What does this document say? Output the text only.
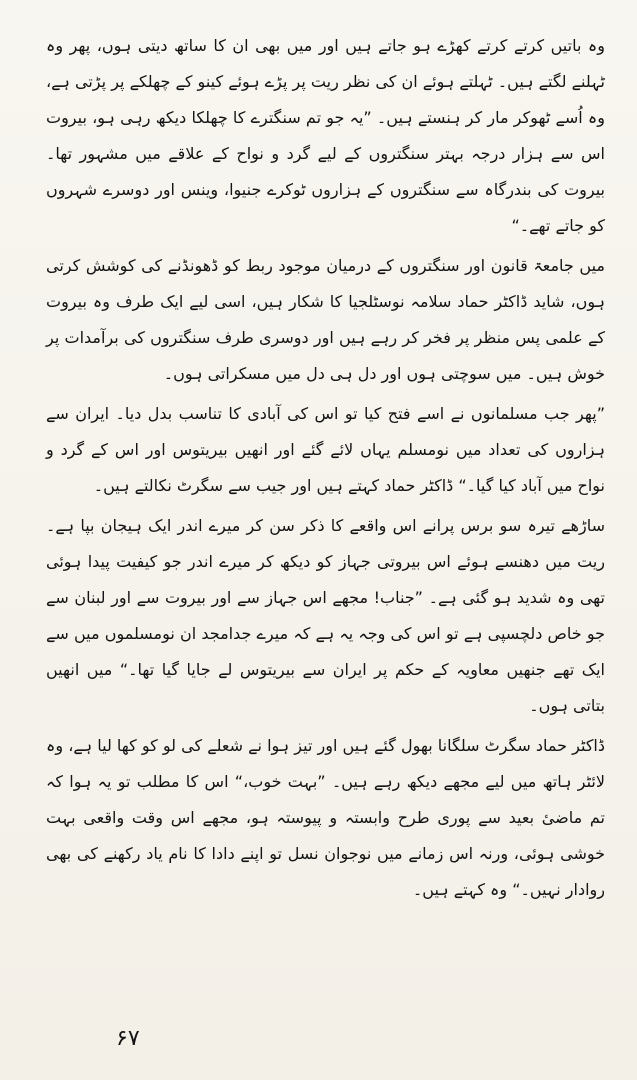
وہ باتیں کرتے کرتے کھڑے ہو جاتے ہیں اور میں بھی ان کا ساتھ دیتی ہوں، پھر وہ ٹہلنے لگتے ہیں۔ ٹہلتے ہوئے ان کی نظر ریت پر پڑے ہوئے کینو کے چھلکے پر پڑتی ہے، وہ اُسے ٹھوکر مار کر ہنستے ہیں۔ ”یہ جو تم سنگترے کا چھلکا دیکھ رہی ہو، بیروت اس سے ہزار درجہ بہتر سنگتروں کے لیے گرد و نواح کے علاقے میں مشہور تھا۔ بیروت کی بندرگاہ سے سنگتروں کے ہزاروں ٹوکرے جنیوا، وینس اور دوسرے شہروں کو جاتے تھے۔“

میں جامعۃ قانون اور سنگتروں کے درمیان موجود ربط کو ڈھونڈنے کی کوشش کرتی ہوں، شاید ڈاکٹر حماد سلامہ نوسٹلجیا کا شکار ہیں، اسی لیے ایک طرف وہ بیروت کے علمی پس منظر پر فخر کر رہے ہیں اور دوسری طرف سنگتروں کی برآمدات پر خوش ہیں۔ میں سوچتی ہوں اور دل ہی دل میں مسکراتی ہوں۔

”پھر جب مسلمانوں نے اسے فتح کیا تو اس کی آبادی کا تناسب بدل دیا۔ ایران سے ہزاروں کی تعداد میں نومسلم یہاں لائے گئے اور انھیں بیریتوس اور اس کے گرد و نواح میں آباد کیا گیا۔“ ڈاکٹر حماد کہتے ہیں اور جیب سے سگرٹ نکالتے ہیں۔

ساڑھے تیرہ سو برس پرانے اس واقعے کا ذکر سن کر میرے اندر ایک ہیجان بپا ہے۔ ریت میں دھنسے ہوئے اس بیروتی جہاز کو دیکھ کر میرے اندر جو کیفیت پیدا ہوئی تھی وہ شدید ہو گئی ہے۔ ”جناب! مجھے اس جہاز سے اور بیروت سے اور لبنان سے جو خاص دلچسپی ہے تو اس کی وجہ یہ ہے کہ میرے جدامجد ان نومسلموں میں سے ایک تھے جنھیں معاویہ کے حکم پر ایران سے بیریتوس لے جایا گیا تھا۔“ میں انھیں بتاتی ہوں۔

ڈاکٹر حماد سگرٹ سلگانا بھول گئے ہیں اور تیز ہوا نے شعلے کی لو کو کھا لیا ہے، وہ لائٹر ہاتھ میں لیے مجھے دیکھ رہے ہیں۔ ”بہت خوب،“ اس کا مطلب تو یہ ہوا کہ تم ماضیٔ بعید سے پوری طرح وابستہ و پیوستہ ہو، مجھے اس وقت واقعی بہت خوشی ہوئی، ورنہ اس زمانے میں نوجوان نسل تو اپنے دادا کا نام یاد رکھنے کی بھی روادار نہیں۔“ وہ کہتے ہیں۔

۶۷
